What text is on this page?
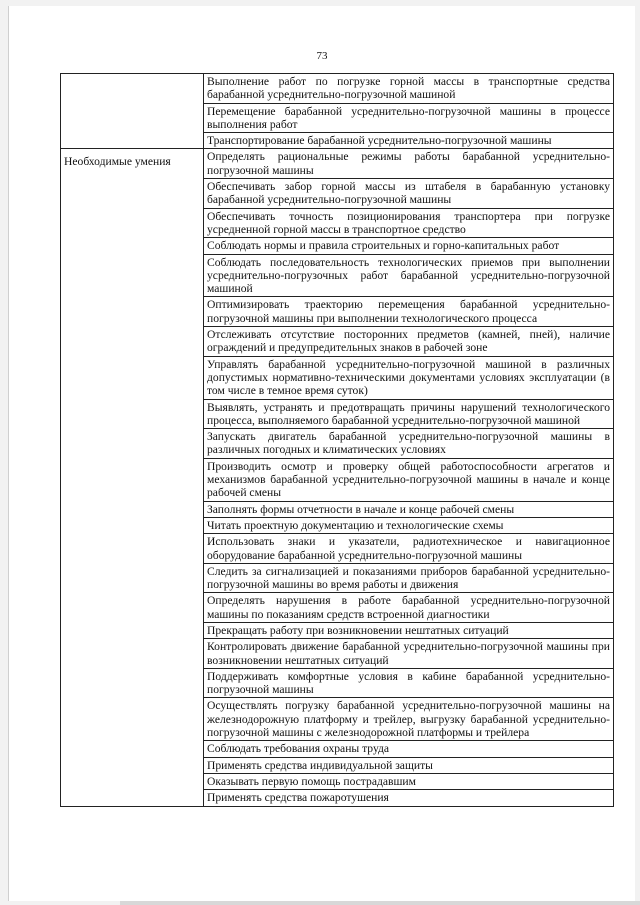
73
	Выполнение работ по погрузке горной массы в транспортные средства барабанной усреднительно-погрузочной машиной
	Перемещение барабанной усреднительно-погрузочной машины в процессе выполнения работ
	Транспортирование барабанной усреднительно-погрузочной машины
Необходимые умения	Определять рациональные режимы работы барабанной усреднительно-погрузочной машины
	Обеспечивать забор горной массы из штабеля в барабанную установку барабанной усреднительно-погрузочной машины
	Обеспечивать точность позиционирования транспортера при погрузке усредненной горной массы в транспортное средство
	Соблюдать нормы и правила строительных и горно-капитальных работ
	Соблюдать последовательность технологических приемов при выполнении усреднительно-погрузочных работ барабанной усреднительно-погрузочной машиной
	Оптимизировать траекторию перемещения барабанной усреднительно-погрузочной машины при выполнении технологического процесса
	Отслеживать отсутствие посторонних предметов (камней, пней), наличие ограждений и предупредительных знаков в рабочей зоне
	Управлять барабанной усреднительно-погрузочной машиной в различных допустимых нормативно-техническими документами условиях эксплуатации (в том числе в темное время суток)
	Выявлять, устранять и предотвращать причины нарушений технологического процесса, выполняемого барабанной усреднительно-погрузочной машиной
	Запускать двигатель барабанной усреднительно-погрузочной машины в различных погодных и климатических условиях
	Производить осмотр и проверку общей работоспособности агрегатов и механизмов барабанной усреднительно-погрузочной машины в начале и конце рабочей смены
	Заполнять формы отчетности в начале и конце рабочей смены
	Читать проектную документацию и технологические схемы
	Использовать знаки и указатели, радиотехническое и навигационное оборудование барабанной усреднительно-погрузочной машины
	Следить за сигнализацией и показаниями приборов барабанной усреднительно-погрузочной машины во время работы и движения
	Определять нарушения в работе барабанной усреднительно-погрузочной машины по показаниям средств встроенной диагностики
	Прекращать работу при возникновении нештатных ситуаций
	Контролировать движение барабанной усреднительно-погрузочной машины при возникновении нештатных ситуаций
	Поддерживать комфортные условия в кабине барабанной усреднительно-погрузочной машины
	Осуществлять погрузку барабанной усреднительно-погрузочной машины на железнодорожную платформу и трейлер, выгрузку барабанной усреднительно-погрузочной машины с железнодорожной платформы и трейлера
	Соблюдать требования охраны труда
	Применять средства индивидуальной защиты
	Оказывать первую помощь пострадавшим
	Применять средства пожаротушения
